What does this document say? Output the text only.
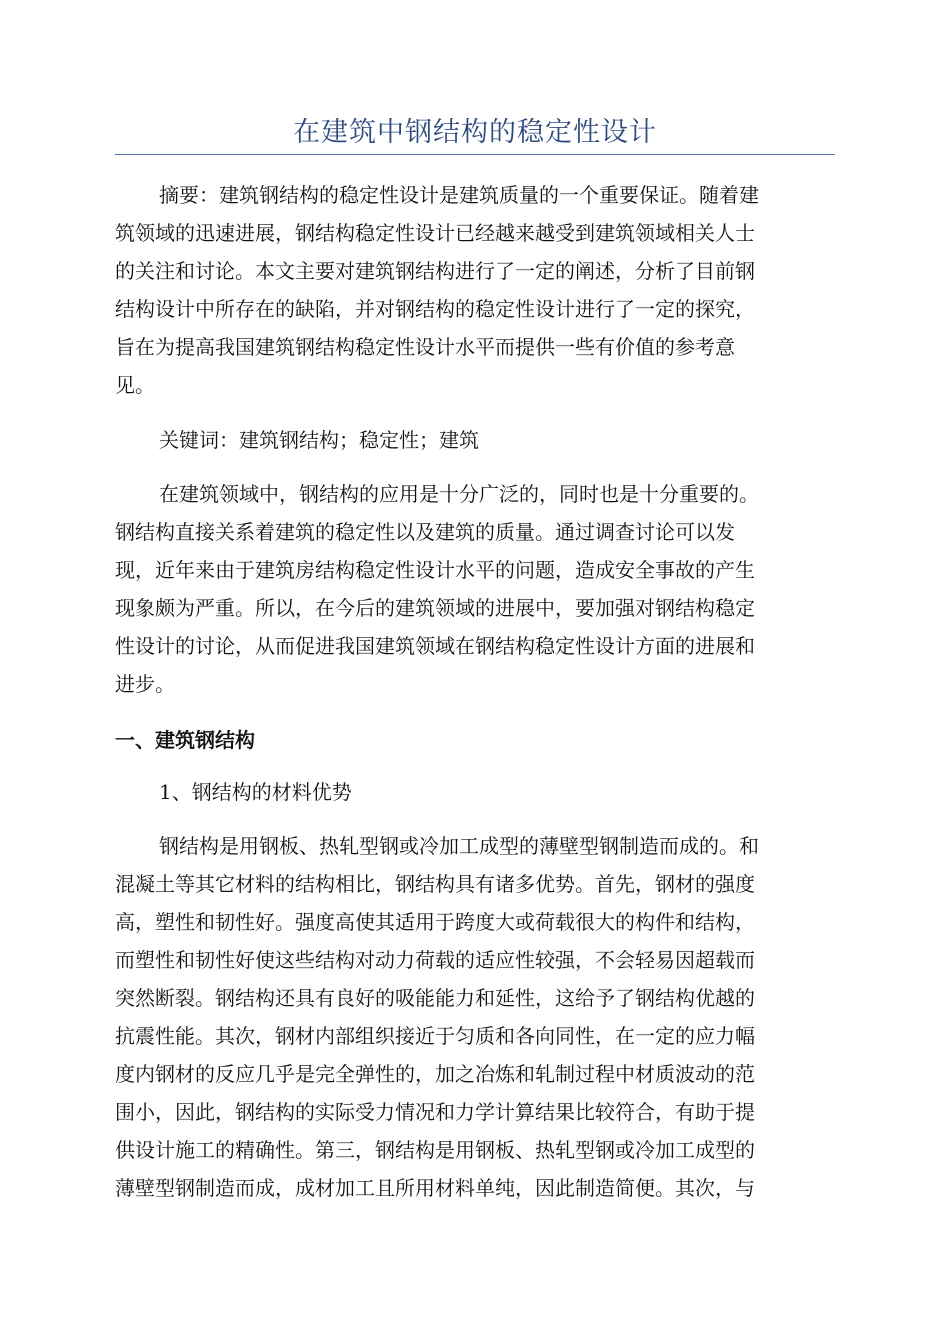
在建筑中钢结构的稳定性设计
摘要：建筑钢结构的稳定性设计是建筑质量的一个重要保证。随着建
筑领域的迅速进展，钢结构稳定性设计已经越来越受到建筑领域相关人士
的关注和讨论。本文主要对建筑钢结构进行了一定的阐述，分析了目前钢
结构设计中所存在的缺陷，并对钢结构的稳定性设计进行了一定的探究，
旨在为提高我国建筑钢结构稳定性设计水平而提供一些有价值的参考意
见。
关键词：建筑钢结构；稳定性；建筑
在建筑领域中，钢结构的应用是十分广泛的，同时也是十分重要的。
钢结构直接关系着建筑的稳定性以及建筑的质量。通过调查讨论可以发
现，近年来由于建筑房结构稳定性设计水平的问题，造成安全事故的产生
现象颇为严重。所以，在今后的建筑领域的进展中，要加强对钢结构稳定
性设计的讨论，从而促进我国建筑领域在钢结构稳定性设计方面的进展和
进步。
一、建筑钢结构
1、钢结构的材料优势
钢结构是用钢板、热轧型钢或冷加工成型的薄壁型钢制造而成的。和
混凝土等其它材料的结构相比，钢结构具有诸多优势。首先，钢材的强度
高，塑性和韧性好。强度高使其适用于跨度大或荷载很大的构件和结构，
而塑性和韧性好使这些结构对动力荷载的适应性较强，不会轻易因超载而
突然断裂。钢结构还具有良好的吸能能力和延性，这给予了钢结构优越的
抗震性能。其次，钢材内部组织接近于匀质和各向同性，在一定的应力幅
度内钢材的反应几乎是完全弹性的，加之冶炼和轧制过程中材质波动的范
围小，因此，钢结构的实际受力情况和力学计算结果比较符合，有助于提
供设计施工的精确性。第三，钢结构是用钢板、热轧型钢或冷加工成型的
薄壁型钢制造而成，成材加工且所用材料单纯，因此制造简便。其次，与
